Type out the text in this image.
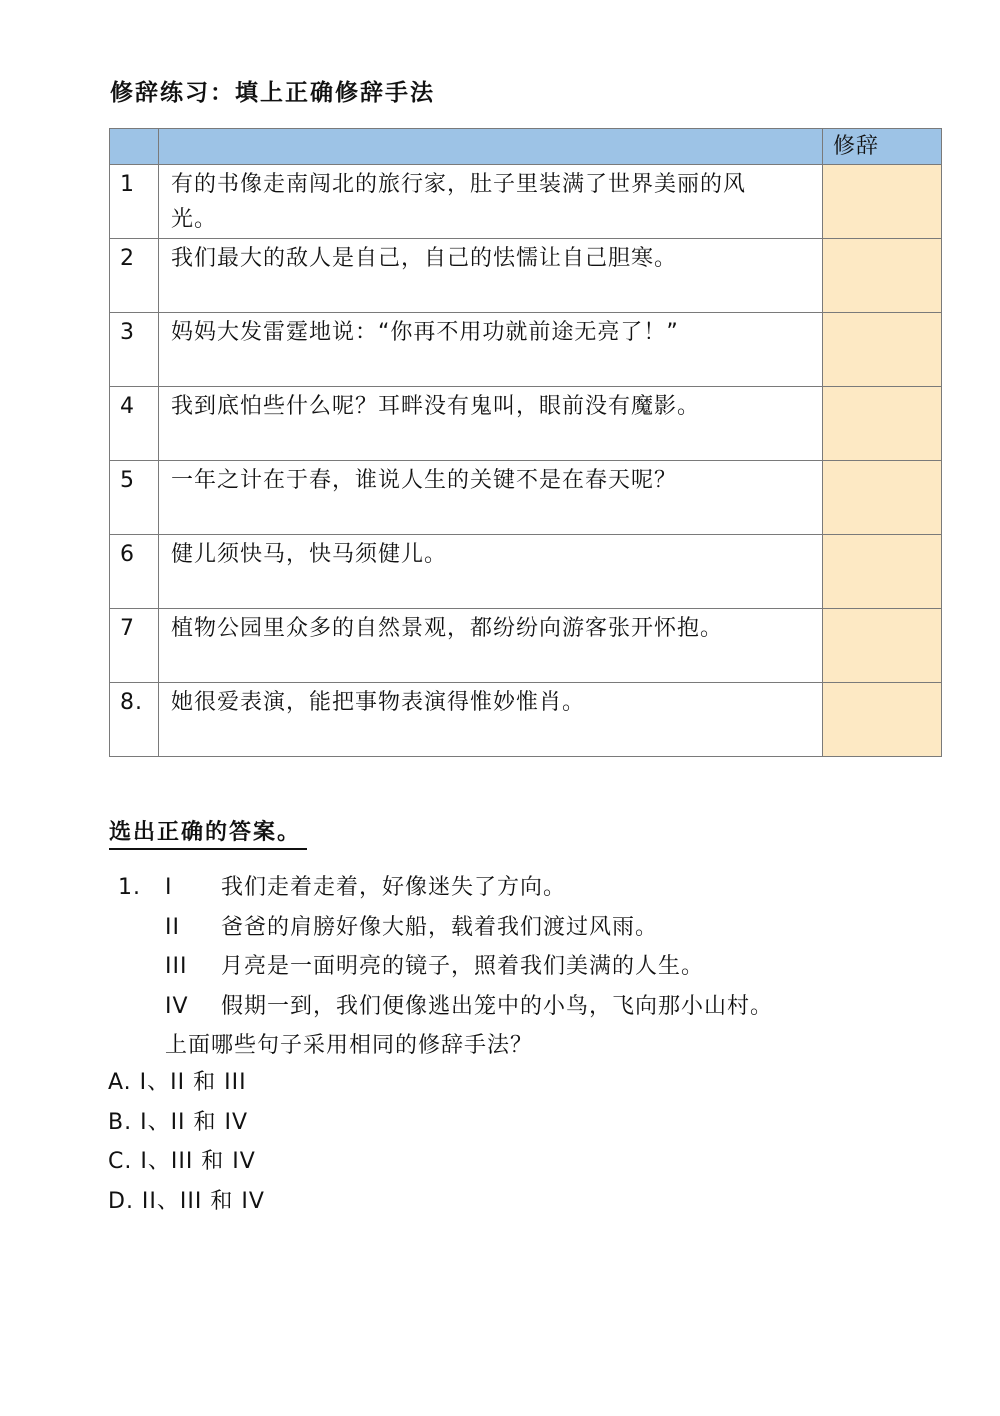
修辞练习：填上正确修辞手法
		修辞
1	有的书像走南闯北的旅行家，肚子里装满了世界美丽的风光。	
2	我们最大的敌人是自己，自己的怯懦让自己胆寒。	
3	妈妈大发雷霆地说：“你再不用功就前途无亮了！”	
4	我到底怕些什么呢？耳畔没有鬼叫，眼前没有魔影。	
5	一年之计在于春，谁说人生的关键不是在春天呢？	
6	健儿须快马，快马须健儿。	
7	植物公园里众多的自然景观，都纷纷向游客张开怀抱。	
8.	她很爱表演，能把事物表演得惟妙惟肖。	
选出正确的答案。
1.	I	我们走着走着，好像迷失了方向。
II	爸爸的肩膀好像大船，载着我们渡过风雨。
III	月亮是一面明亮的镜子，照着我们美满的人生。
IV	假期一到，我们便像逃出笼中的小鸟，飞向那小山村。
上面哪些句子采用相同的修辞手法？
A. I、II 和 III
B. I、II 和 IV
C. I、III 和 IV
D. II、III 和 IV
